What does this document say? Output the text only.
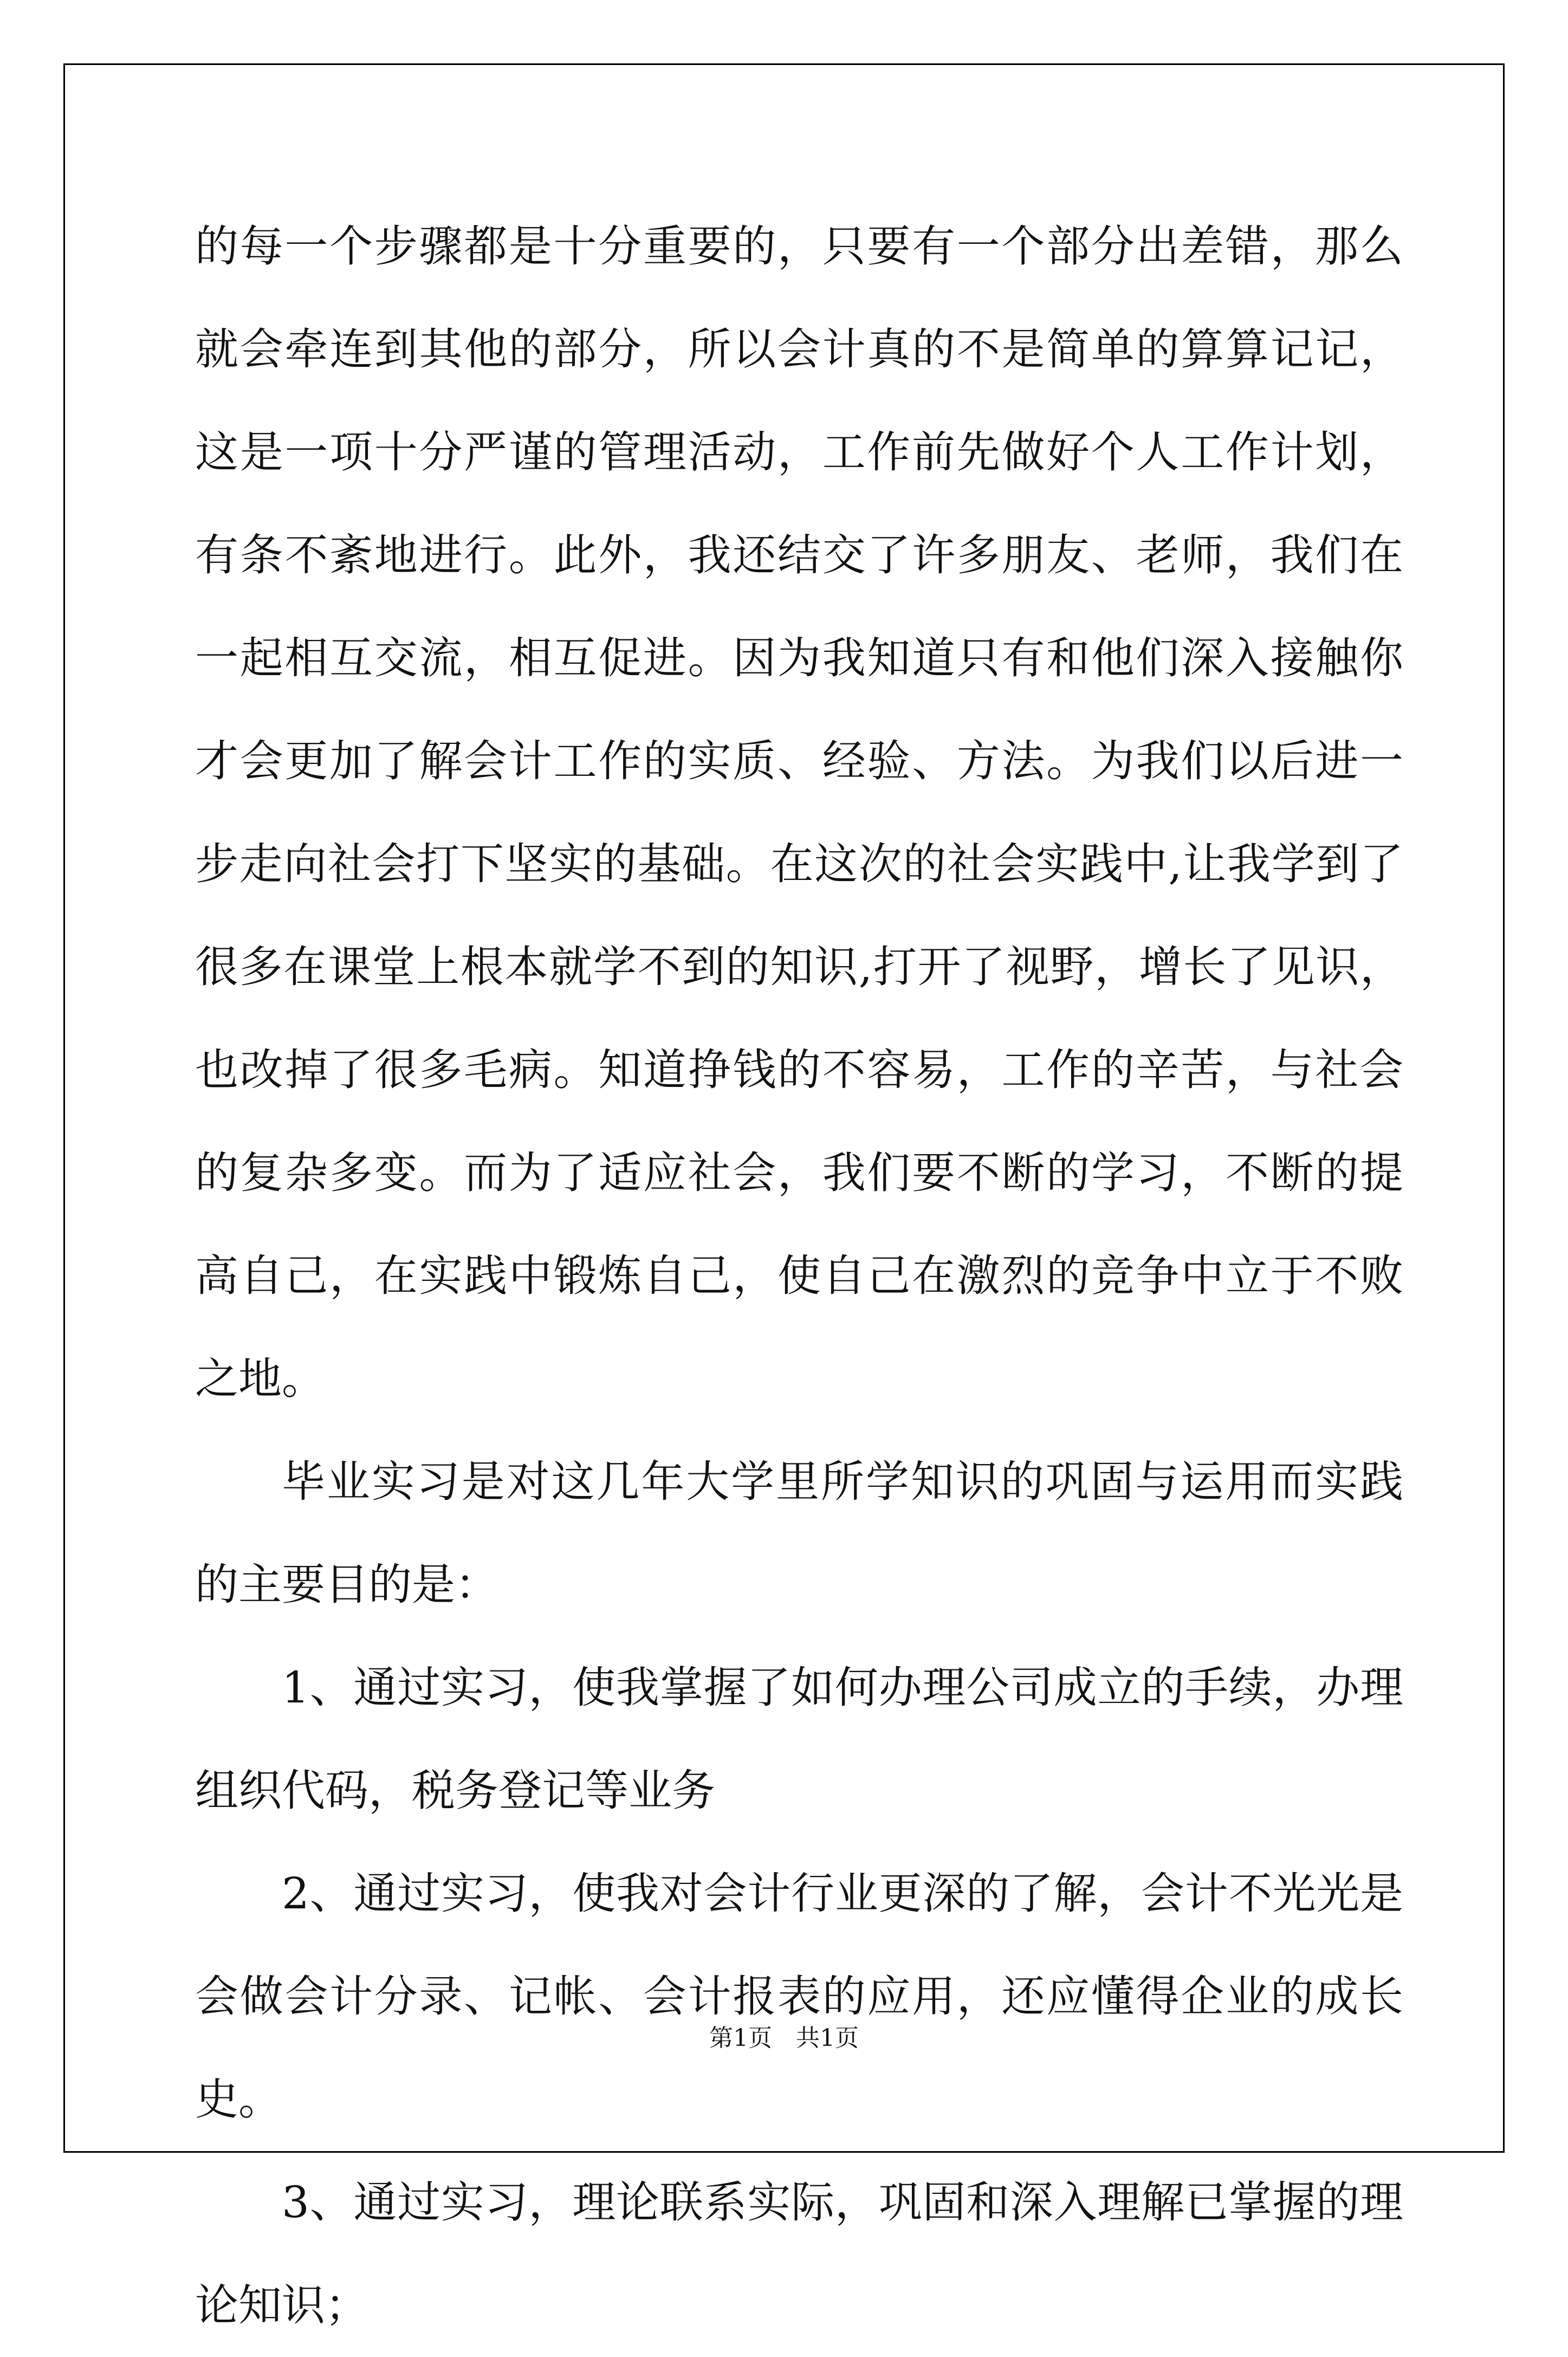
的每一个步骤都是十分重要的，只要有一个部分出差错，那么就会牵连到其他的部分，所以会计真的不是简单的算算记记，这是一项十分严谨的管理活动，工作前先做好个人工作计划，有条不紊地进行。此外，我还结交了许多朋友、老师，我们在一起相互交流，相互促进。因为我知道只有和他们深入接触你才会更加了解会计工作的实质、经验、方法。为我们以后进一步走向社会打下坚实的基础。在这次的社会实践中,让我学到了很多在课堂上根本就学不到的知识,打开了视野，增长了见识，也改掉了很多毛病。知道挣钱的不容易，工作的辛苦，与社会的复杂多变。而为了适应社会，我们要不断的学习，不断的提高自己，在实践中锻炼自己，使自己在激烈的竞争中立于不败之地。

毕业实习是对这几年大学里所学知识的巩固与运用而实践的主要目的是：

1、通过实习，使我掌握了如何办理公司成立的手续，办理组织代码，税务登记等业务

2、通过实习，使我对会计行业更深的了解，会计不光光是会做会计分录、记帐、会计报表的应用，还应懂得企业的成长史。

3、通过实习，理论联系实际，巩固和深入理解已掌握的理论知识；

第1页　共1页
